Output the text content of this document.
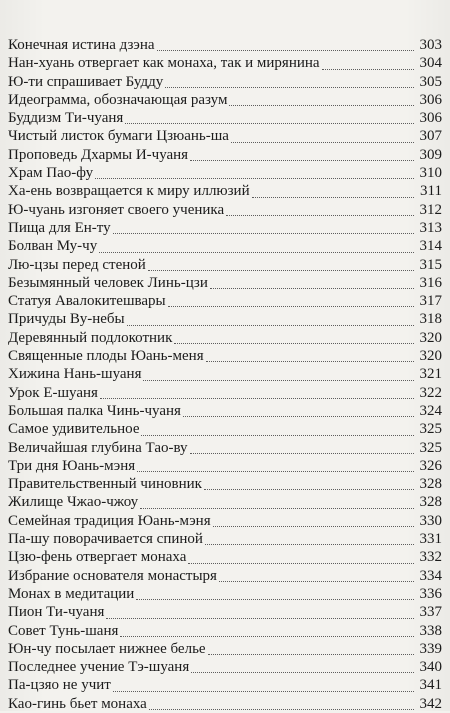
Конечная истина дзэна	303
Нан-хуань отвергает как монаха, так и мирянина	304
Ю-ти спрашивает Будду	305
Идеограмма, обозначающая разум	306
Буддизм Ти-чуаня	306
Чистый листок бумаги Цзюань-ша	307
Проповедь Дхармы И-чуаня	309
Храм Пао-фу	310
Ха-ень возвращается к миру иллюзий	311
Ю-чуань изгоняет своего ученика	312
Пища для Ен-ту	313
Болван Му-чу	314
Лю-цзы перед стеной	315
Безымянный человек Линь-цзи	316
Статуя Авалокитешвары	317
Причуды Ву-небы	318
Деревянный подлокотник	320
Священные плоды Юань-меня	320
Хижина Нань-шуаня	321
Урок Е-шуаня	322
Большая палка Чинь-чуаня	324
Самое удивительное	325
Величайшая глубина Тао-ву	325
Три дня Юань-мэня	326
Правительственный чиновник	328
Жилище Чжао-чжоу	328
Семейная традиция Юань-мэня	330
Па-шу поворачивается спиной	331
Цзю-фень отвергает монаха	332
Избрание основателя монастыря	334
Монах в медитации	336
Пион Ти-чуаня	337
Совет Тунь-шаня	338
Юн-чу посылает нижнее белье	339
Последнее учение Тэ-шуаня	340
Па-цзяо не учит	341
Као-гинь бьет монаха	342
